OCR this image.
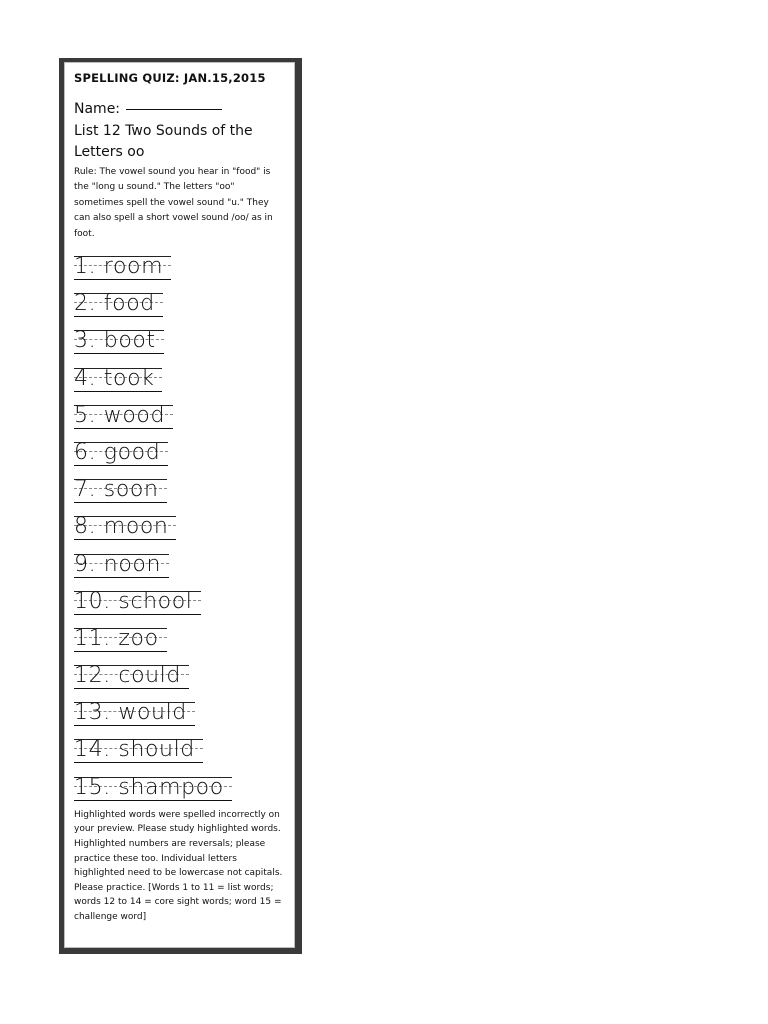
SPELLING QUIZ: JAN.15,2015
Name:
List 12 Two Sounds of the Letters oo
Rule: The vowel sound you hear in "food" is the "long u sound." The letters "oo" sometimes spell the vowel sound "u." They can also spell a short vowel sound /oo/ as in foot.
1. room
2. food
3. boot
4. took
5. wood
6. good
7. soon
8. moon
9. noon
10. school
11. zoo
12. could
13. would
14. should
15. shampoo
Highlighted words were spelled incorrectly on your preview. Please study highlighted words. Highlighted numbers are reversals; please practice these too. Individual letters highlighted need to be lowercase not capitals. Please practice. [Words 1 to 11 = list words; words 12 to 14 = core sight words; word 15 = challenge word]
